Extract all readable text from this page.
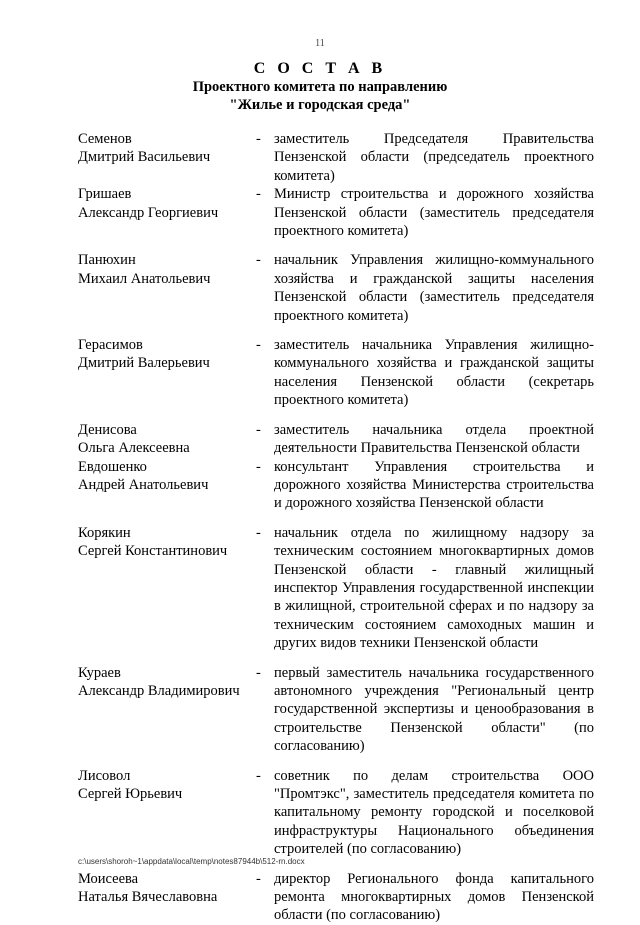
11
С О С Т А В
Проектного комитета по направлению
"Жилье и городская среда"
Семенов
Дмитрий Васильевич
- заместитель Председателя Правительства Пензенской области (председатель проектного комитета)
Гришаев
Александр Георгиевич
- Министр строительства и дорожного хозяйства Пензенской области (заместитель председателя проектного комитета)
Панюхин
Михаил Анатольевич
- начальник Управления жилищно-коммунального хозяйства и гражданской защиты населения Пензенской области (заместитель председателя проектного комитета)
Герасимов
Дмитрий Валерьевич
- заместитель начальника Управления жилищно-коммунального хозяйства и гражданской защиты населения Пензенской области (секретарь проектного комитета)
Денисова
Ольга Алексеевна
- заместитель начальника отдела проектной деятельности Правительства Пензенской области
Евдошенко
Андрей Анатольевич
- консультант Управления строительства и дорожного хозяйства Министерства строительства и дорожного хозяйства Пензенской области
Корякин
Сергей Константинович
- начальник отдела по жилищному надзору за техническим состоянием многоквартирных домов Пензенской области - главный жилищный инспектор Управления государственной инспекции в жилищной, строительной сферах и по надзору за техническим состоянием самоходных машин и других видов техники Пензенской области
Кураев
Александр Владимирович
- первый заместитель начальника государственного автономного учреждения "Региональный центр государственной экспертизы и ценообразования в строительстве Пензенской области" (по согласованию)
Лисовол
Сергей Юрьевич
- советник по делам строительства ООО "Промтэкс", заместитель председателя комитета по капитальному ремонту городской и поселковой инфраструктуры Национального объединения строителей (по согласованию)
Моисеева
Наталья Вячеславовна
- директор Регионального фонда капитального ремонта многоквартирных домов Пензенской области (по согласованию)
c:\users\shoroh~1\appdata\local\temp\notes87944b\512-rn.docx
